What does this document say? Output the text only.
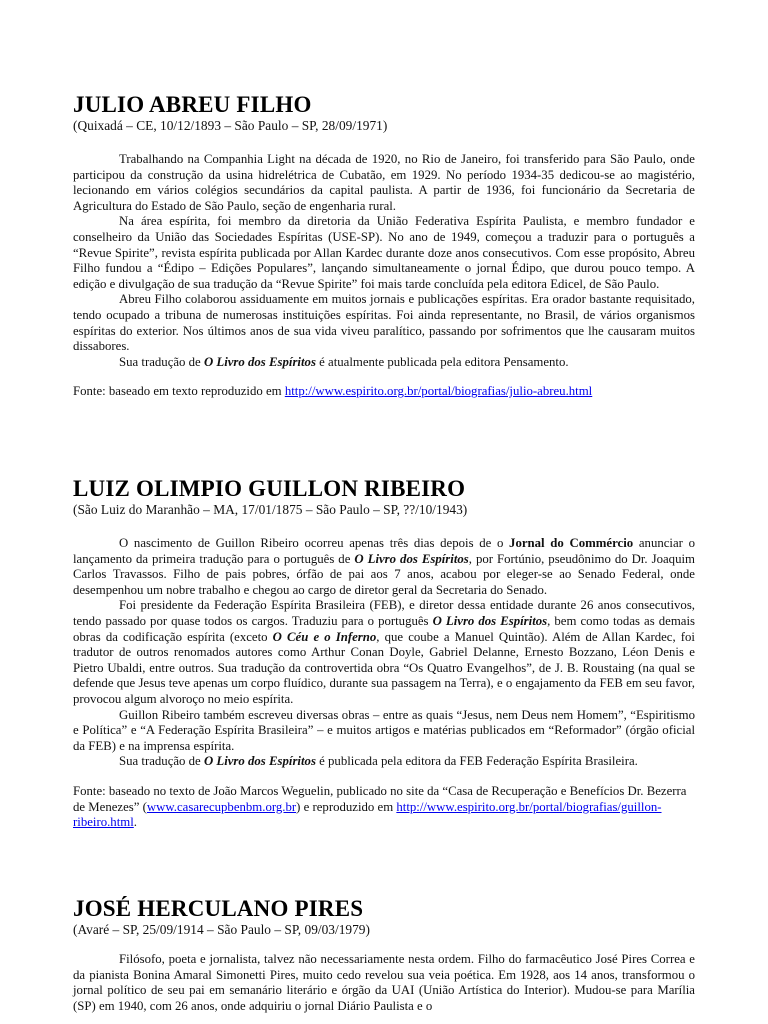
JULIO ABREU FILHO

(Quixadá – CE, 10/12/1893 – São Paulo – SP, 28/09/1971)

Trabalhando na Companhia Light na década de 1920, no Rio de Janeiro, foi transferido para São Paulo, onde participou da construção da usina hidrelétrica de Cubatão, em 1929. No período 1934-35 dedicou-se ao magistério, lecionando em vários colégios secundários da capital paulista. A partir de 1936, foi funcionário da Secretaria de Agricultura do Estado de São Paulo, seção de engenharia rural.

Na área espírita, foi membro da diretoria da União Federativa Espírita Paulista, e membro fundador e conselheiro da União das Sociedades Espíritas (USE-SP). No ano de 1949, começou a traduzir para o português a “Revue Spirite”, revista espírita publicada por Allan Kardec durante doze anos consecutivos. Com esse propósito, Abreu Filho fundou a “Édipo – Edições Populares”, lançando simultaneamente o jornal Édipo, que durou pouco tempo. A edição e divulgação de sua tradução da “Revue Spirite” foi mais tarde concluída pela editora Edicel, de São Paulo.

Abreu Filho colaborou assiduamente em muitos jornais e publicações espíritas. Era orador bastante requisitado, tendo ocupado a tribuna de numerosas instituições espíritas. Foi ainda representante, no Brasil, de vários organismos espíritas do exterior. Nos últimos anos de sua vida viveu paralítico, passando por sofrimentos que lhe causaram muitos dissabores.

Sua tradução de O Livro dos Espíritos é atualmente publicada pela editora Pensamento.

Fonte: baseado em texto reproduzido em http://www.espirito.org.br/portal/biografias/julio-abreu.html

LUIZ OLIMPIO GUILLON RIBEIRO

(São Luiz do Maranhão – MA, 17/01/1875 – São Paulo – SP, ??/10/1943)

O nascimento de Guillon Ribeiro ocorreu apenas três dias depois de o Jornal do Commércio anunciar o lançamento da primeira tradução para o português de O Livro dos Espíritos, por Fortúnio, pseudônimo do Dr. Joaquim Carlos Travassos. Filho de pais pobres, órfão de pai aos 7 anos, acabou por eleger-se ao Senado Federal, onde desempenhou um nobre trabalho e chegou ao cargo de diretor geral da Secretaria do Senado.

Foi presidente da Federação Espírita Brasileira (FEB), e diretor dessa entidade durante 26 anos consecutivos, tendo passado por quase todos os cargos. Traduziu para o português O Livro dos Espíritos, bem como todas as demais obras da codificação espírita (exceto O Céu e o Inferno, que coube a Manuel Quintão). Além de Allan Kardec, foi tradutor de outros renomados autores como Arthur Conan Doyle, Gabriel Delanne, Ernesto Bozzano, Léon Denis e Pietro Ubaldi, entre outros. Sua tradução da controvertida obra “Os Quatro Evangelhos”, de J. B. Roustaing (na qual se defende que Jesus teve apenas um corpo fluídico, durante sua passagem na Terra), e o engajamento da FEB em seu favor, provocou algum alvoroço no meio espírita.

Guillon Ribeiro também escreveu diversas obras – entre as quais “Jesus, nem Deus nem Homem”, “Espiritismo e Política” e “A Federação Espírita Brasileira” – e muitos artigos e matérias publicados em “Reformador” (órgão oficial da FEB) e na imprensa espírita.

Sua tradução de O Livro dos Espíritos é publicada pela editora da FEB Federação Espírita Brasileira.

Fonte: baseado no texto de João Marcos Weguelin, publicado no site da “Casa de Recuperação e Benefícios Dr. Bezerra de Menezes” (www.casarecupbenbm.org.br) e reproduzido em http://www.espirito.org.br/portal/biografias/guillon-ribeiro.html.

JOSÉ HERCULANO PIRES

(Avaré – SP, 25/09/1914 – São Paulo – SP, 09/03/1979)

Filósofo, poeta e jornalista, talvez não necessariamente nesta ordem. Filho do farmacêutico José Pires Correa e da pianista Bonina Amaral Simonetti Pires, muito cedo revelou sua veia poética. Em 1928, aos 14 anos, transformou o jornal político de seu pai em semanário literário e órgão da UAI (União Artística do Interior). Mudou-se para Marília (SP) em 1940, com 26 anos, onde adquiriu o jornal Diário Paulista e o
